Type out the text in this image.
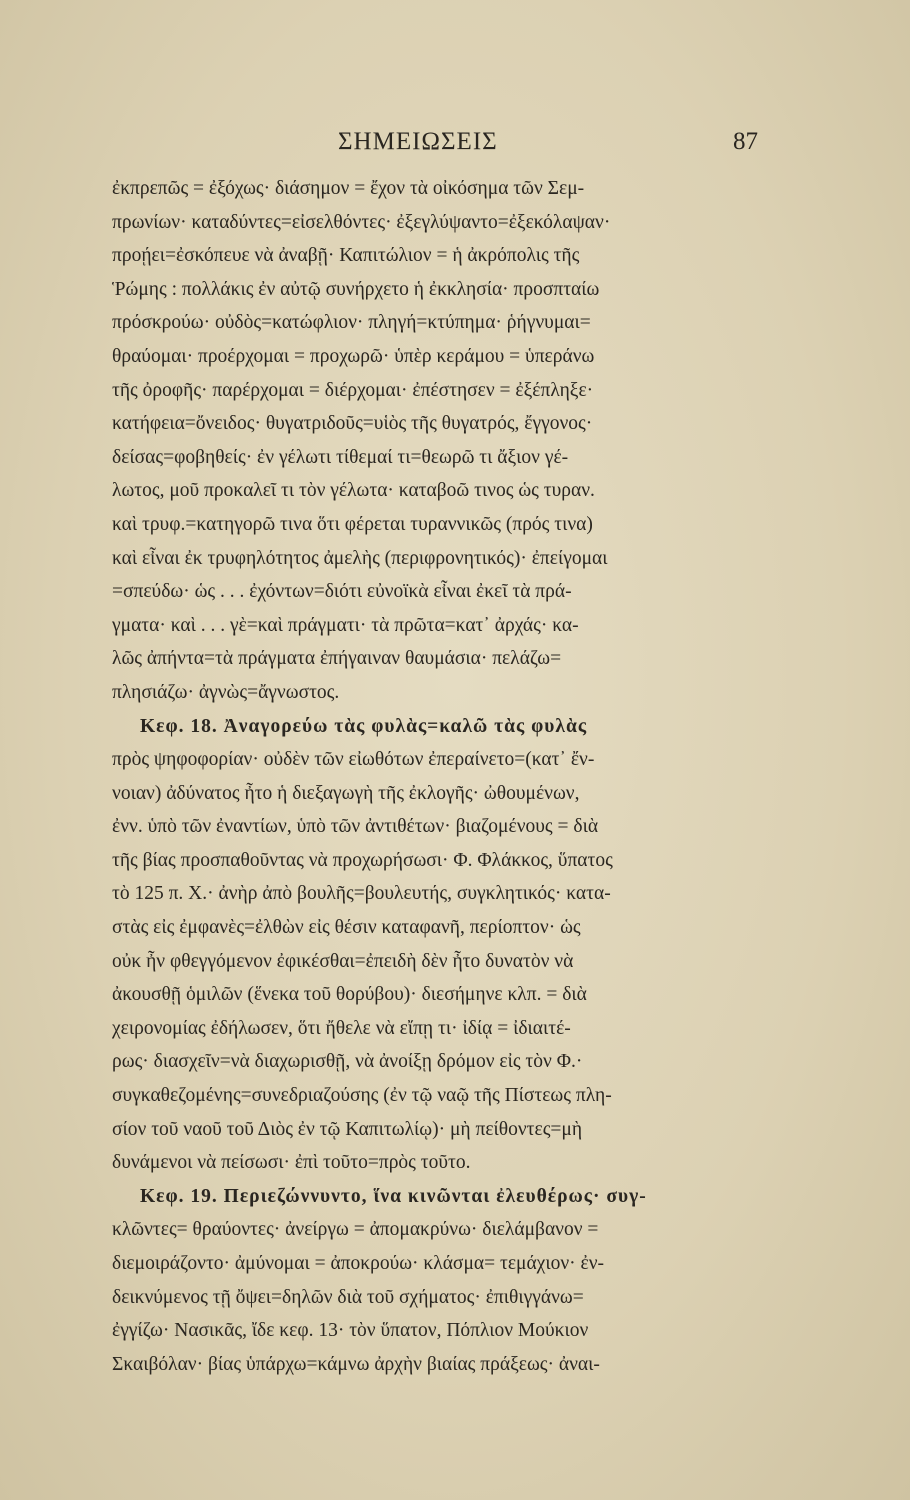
ΣΗΜΕΙΩΣΕΙΣ	87
ἐκπρεπῶς = ἐξόχως· διάσημον = ἔχον τὰ οἰκόσημα τῶν Σεμ-
πρωνίων· καταδύντες=εἰσελθόντες· ἐξεγλύψαντο=ἐξεκόλαψαν·
προῄει=ἐσκόπευε νὰ ἀναβῇ· Καπιτώλιον = ἡ ἀκρόπολις τῆς
Ῥώμης : πολλάκις ἐν αὐτῷ συνήρχετο ἡ ἐκκλησία· προσπταίω
πρόσκρούω· οὐδὸς=κατώφλιον· πληγή=κτύπημα· ῥήγνυμαι=
θραύομαι· προέρχομαι = προχωρῶ· ὑπὲρ κεράμου = ὑπεράνω
τῆς ὀροφῆς· παρέρχομαι = διέρχομαι· ἐπέστησεν = ἐξέπληξε·
κατήφεια=ὄνειδος· θυγατριδοῦς=υἱὸς τῆς θυγατρός, ἔγγονος·
δείσας=φοβηθείς· ἐν γέλωτι τίθεμαί τι=θεωρῶ τι ἄξιον γέ-
λωτος, μοῦ προκαλεῖ τι τὸν γέλωτα· καταβοῶ τινος ὡς τυραν.
καὶ τρυφ.=κατηγορῶ τινα ὅτι φέρεται τυραννικῶς (πρός τινα)
καὶ εἶναι ἐκ τρυφηλότητος ἀμελὴς (περιφρονητικός)· ἐπείγομαι
=σπεύδω· ὡς . . . ἐχόντων=διότι εὐνοϊκὰ εἶναι ἐκεῖ τὰ πρά-
γματα· καὶ . . . γὲ=καὶ πράγματι· τὰ πρῶτα=κατ᾿ ἀρχάς· κα-
λῶς ἀπήντα=τὰ πράγματα ἐπήγαιναν θαυμάσια· πελάζω=
πλησιάζω· ἀγνὼς=ἄγνωστος.
Κεφ. 18. Ἀναγορεύω τὰς φυλὰς=καλῶ τὰς φυλὰς
πρὸς ψηφοφορίαν· οὐδὲν τῶν εἰωθότων ἐπεραίνετο=(κατ᾿ ἔν-
νοιαν) ἀδύνατος ἦτο ἡ διεξαγωγὴ τῆς ἐκλογῆς· ὠθουμένων,
ἐνν. ὑπὸ τῶν ἐναντίων, ὑπὸ τῶν ἀντιθέτων· βιαζομένους = διὰ
τῆς βίας προσπαθοῦντας νὰ προχωρήσωσι· Φ. Φλάκκος, ὕπατος
τὸ 125 π. Χ.· ἀνὴρ ἀπὸ βουλῆς=βουλευτής, συγκλητικός· κατα-
στὰς εἰς ἐμφανὲς=ἐλθὼν εἰς θέσιν καταφανῆ, περίοπτον· ὡς
οὐκ ἦν φθεγγόμενον ἐφικέσθαι=ἐπειδὴ δὲν ἦτο δυνατὸν νὰ
ἀκουσθῇ ὁμιλῶν (ἕνεκα τοῦ θορύβου)· διεσήμηνε κλπ. = διὰ
χειρονομίας ἐδήλωσεν, ὅτι ἤθελε νὰ εἴπῃ τι· ἰδίᾳ = ἰδιαιτέ-
ρως· διασχεῖν=νὰ διαχωρισθῇ, νὰ ἀνοίξῃ δρόμον εἰς τὸν Φ.·
συγκαθεζομένης=συνεδριαζούσης (ἐν τῷ ναῷ τῆς Πίστεως πλη-
σίον τοῦ ναοῦ τοῦ Διὸς ἐν τῷ Καπιτωλίῳ)· μὴ πείθοντες=μὴ
δυνάμενοι νὰ πείσωσι· ἐπὶ τοῦτο=πρὸς τοῦτο.
Κεφ. 19. Περιεζώννυντο, ἵνα κινῶνται ἐλευθέρως· συγ-
κλῶντες= θραύοντες· ἀνείργω = ἀπομακρύνω· διελάμβανον =
διεμοιράζοντο· ἀμύνομαι = ἀποκρούω· κλάσμα= τεμάχιον· ἐν-
δεικνύμενος τῇ ὄψει=δηλῶν διὰ τοῦ σχήματος· ἐπιθιγγάνω=
ἐγγίζω· Νασικᾶς, ἴδε κεφ. 13· τὸν ὕπατον, Πόπλιον Μούκιον
Σκαιβόλαν· βίας ὑπάρχω=κάμνω ἀρχὴν βιαίας πράξεως· ἀναι-
